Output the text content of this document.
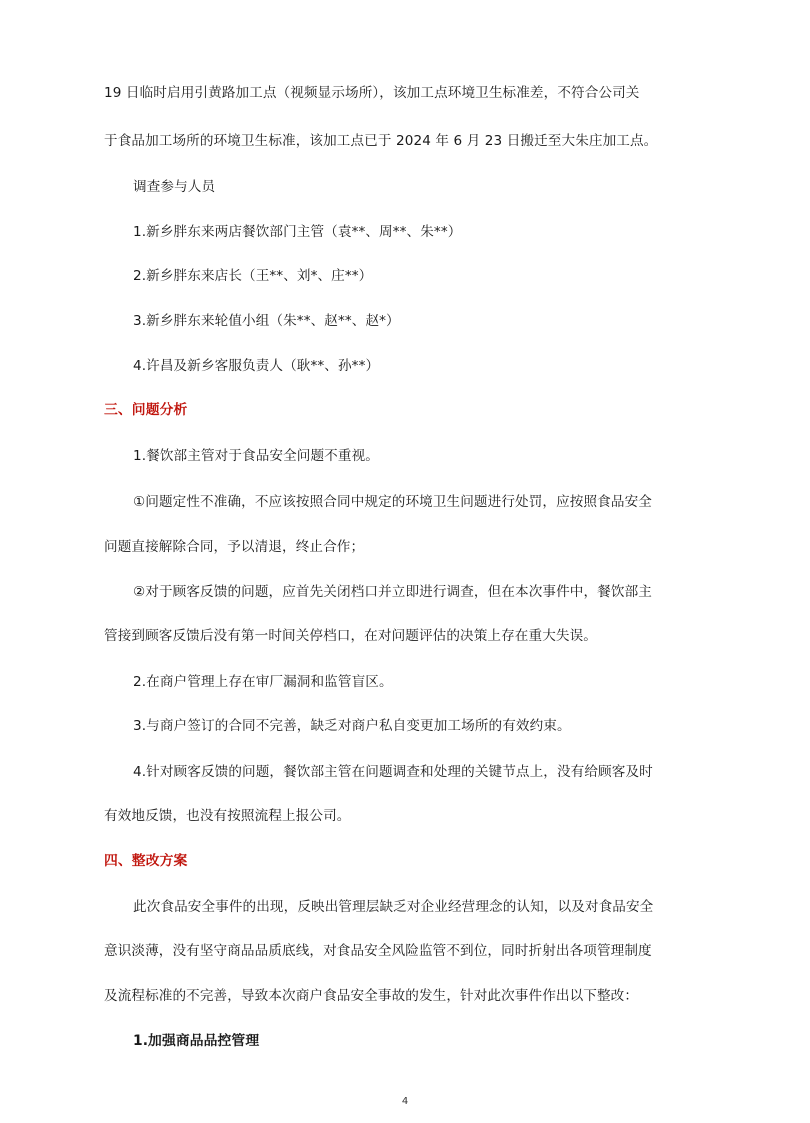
19 日临时启用引黄路加工点（视频显示场所），该加工点环境卫生标准差，不符合公司关
于食品加工场所的环境卫生标准，该加工点已于 2024 年 6 月 23 日搬迁至大朱庄加工点。
调查参与人员
1.新乡胖东来两店餐饮部门主管（袁**、周**、朱**）
2.新乡胖东来店长（王**、刘*、庄**）
3.新乡胖东来轮值小组（朱**、赵**、赵*）
4.许昌及新乡客服负责人（耿**、孙**）
三、问题分析
1.餐饮部主管对于食品安全问题不重视。
①问题定性不准确，不应该按照合同中规定的环境卫生问题进行处罚，应按照食品安全
问题直接解除合同，予以清退，终止合作；
②对于顾客反馈的问题，应首先关闭档口并立即进行调查，但在本次事件中，餐饮部主
管接到顾客反馈后没有第一时间关停档口，在对问题评估的决策上存在重大失误。
2.在商户管理上存在审厂漏洞和监管盲区。
3.与商户签订的合同不完善，缺乏对商户私自变更加工场所的有效约束。
4.针对顾客反馈的问题，餐饮部主管在问题调查和处理的关键节点上，没有给顾客及时
有效地反馈，也没有按照流程上报公司。
四、整改方案
此次食品安全事件的出现，反映出管理层缺乏对企业经营理念的认知，以及对食品安全
意识淡薄，没有坚守商品品质底线，对食品安全风险监管不到位，同时折射出各项管理制度
及流程标准的不完善，导致本次商户食品安全事故的发生，针对此次事件作出以下整改：
1.加强商品品控管理
4
